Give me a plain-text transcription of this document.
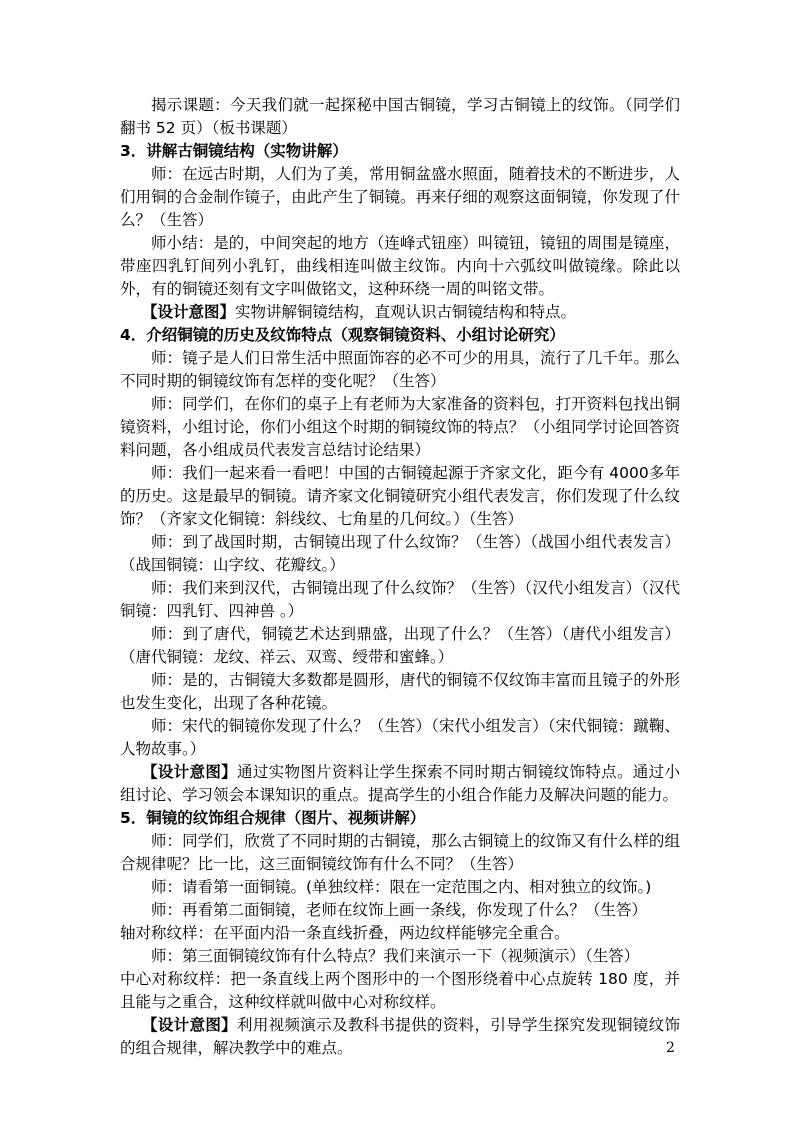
揭示课题：今天我们就一起探秘中国古铜镜，学习古铜镜上的纹饰。（同学们翻书 52 页）（板书课题）

3．讲解古铜镜结构（实物讲解）

师：在远古时期，人们为了美，常用铜盆盛水照面，随着技术的不断进步，人们用铜的合金制作镜子，由此产生了铜镜。再来仔细的观察这面铜镜，你发现了什么？（生答）

师小结：是的，中间突起的地方（连峰式钮座）叫镜钮，镜钮的周围是镜座，带座四乳钉间列小乳钉，曲线相连叫做主纹饰。内向十六弧纹叫做镜缘。除此以外，有的铜镜还刻有文字叫做铭文，这种环绕一周的叫铭文带。

【设计意图】实物讲解铜镜结构，直观认识古铜镜结构和特点。

4．介绍铜镜的历史及纹饰特点（观察铜镜资料、小组讨论研究）

师：镜子是人们日常生活中照面饰容的必不可少的用具，流行了几千年。那么不同时期的铜镜纹饰有怎样的变化呢？（生答）

师：同学们，在你们的桌子上有老师为大家准备的资料包，打开资料包找出铜镜资料，小组讨论，你们小组这个时期的铜镜纹饰的特点？（小组同学讨论回答资料问题，各小组成员代表发言总结讨论结果）

师：我们一起来看一看吧！中国的古铜镜起源于齐家文化，距今有 4000多年的历史。这是最早的铜镜。请齐家文化铜镜研究小组代表发言，你们发现了什么纹饰？（齐家文化铜镜：斜线纹、七角星的几何纹。）（生答）

师：到了战国时期，古铜镜出现了什么纹饰？（生答）（战国小组代表发言）（战国铜镜：山字纹、花瓣纹。）

师：我们来到汉代，古铜镜出现了什么纹饰？（生答）（汉代小组发言）（汉代铜镜：四乳钉、四神兽 。）

师：到了唐代，铜镜艺术达到鼎盛，出现了什么？（生答）（唐代小组发言）（唐代铜镜：龙纹、祥云、双鸾、绶带和蜜蜂。）

师：是的，古铜镜大多数都是圆形，唐代的铜镜不仅纹饰丰富而且镜子的外形也发生变化，出现了各种花镜。

师：宋代的铜镜你发现了什么？（生答）（宋代小组发言）（宋代铜镜：蹴鞠、人物故事。）

【设计意图】通过实物图片资料让学生探索不同时期古铜镜纹饰特点。通过小组讨论、学习领会本课知识的重点。提高学生的小组合作能力及解决问题的能力。

5．铜镜的纹饰组合规律（图片、视频讲解）

师：同学们，欣赏了不同时期的古铜镜，那么古铜镜上的纹饰又有什么样的组合规律呢？比一比，这三面铜镜纹饰有什么不同？（生答）

师：请看第一面铜镜。(单独纹样：限在一定范围之内、相对独立的纹饰。)

师：再看第二面铜镜，老师在纹饰上画一条线，你发现了什么？（生答）

轴对称纹样：在平面内沿一条直线折叠，两边纹样能够完全重合。

师：第三面铜镜纹饰有什么特点？我们来演示一下（视频演示）（生答）

中心对称纹样：把一条直线上两个图形中的一个图形绕着中心点旋转 180 度，并且能与之重合，这种纹样就叫做中心对称纹样。

【设计意图】利用视频演示及教科书提供的资料，引导学生探究发现铜镜纹饰的组合规律，解决教学中的难点。	2
